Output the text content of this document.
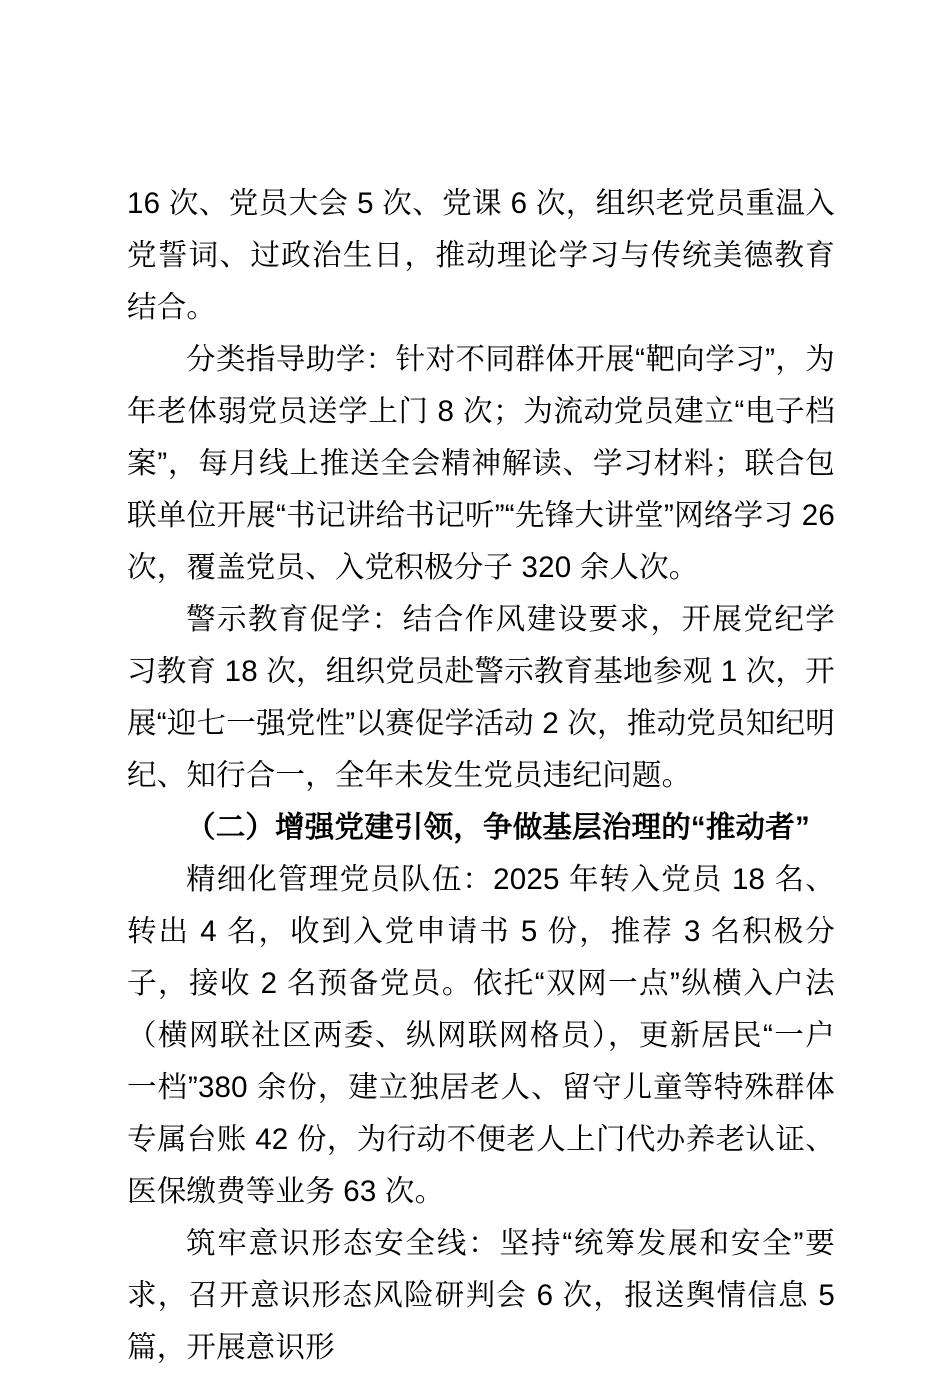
16 次、党员大会 5 次、党课 6 次，组织老党员重温入党誓词、过政治生日，推动理论学习与传统美德教育结合。

分类指导助学：针对不同群体开展“靶向学习”，为年老体弱党员送学上门 8 次；为流动党员建立“电子档案”，每月线上推送全会精神解读、学习材料；联合包联单位开展“书记讲给书记听”“先锋大讲堂”网络学习 26 次，覆盖党员、入党积极分子 320 余人次。

警示教育促学：结合作风建设要求，开展党纪学习教育 18 次，组织党员赴警示教育基地参观 1 次，开展“迎七一强党性”以赛促学活动 2 次，推动党员知纪明纪、知行合一，全年未发生党员违纪问题。

（二）增强党建引领，争做基层治理的“推动者”

精细化管理党员队伍：2025 年转入党员 18 名、转出 4 名，收到入党申请书 5 份，推荐 3 名积极分子，接收 2 名预备党员。依托“双网一点”纵横入户法（横网联社区两委、纵网联网格员），更新居民“一户一档”380 余份，建立独居老人、留守儿童等特殊群体专属台账 42 份，为行动不便老人上门代办养老认证、医保缴费等业务 63 次。

筑牢意识形态安全线：坚持“统筹发展和安全”要求，召开意识形态风险研判会 6 次，报送舆情信息 5 篇，开展意识形
